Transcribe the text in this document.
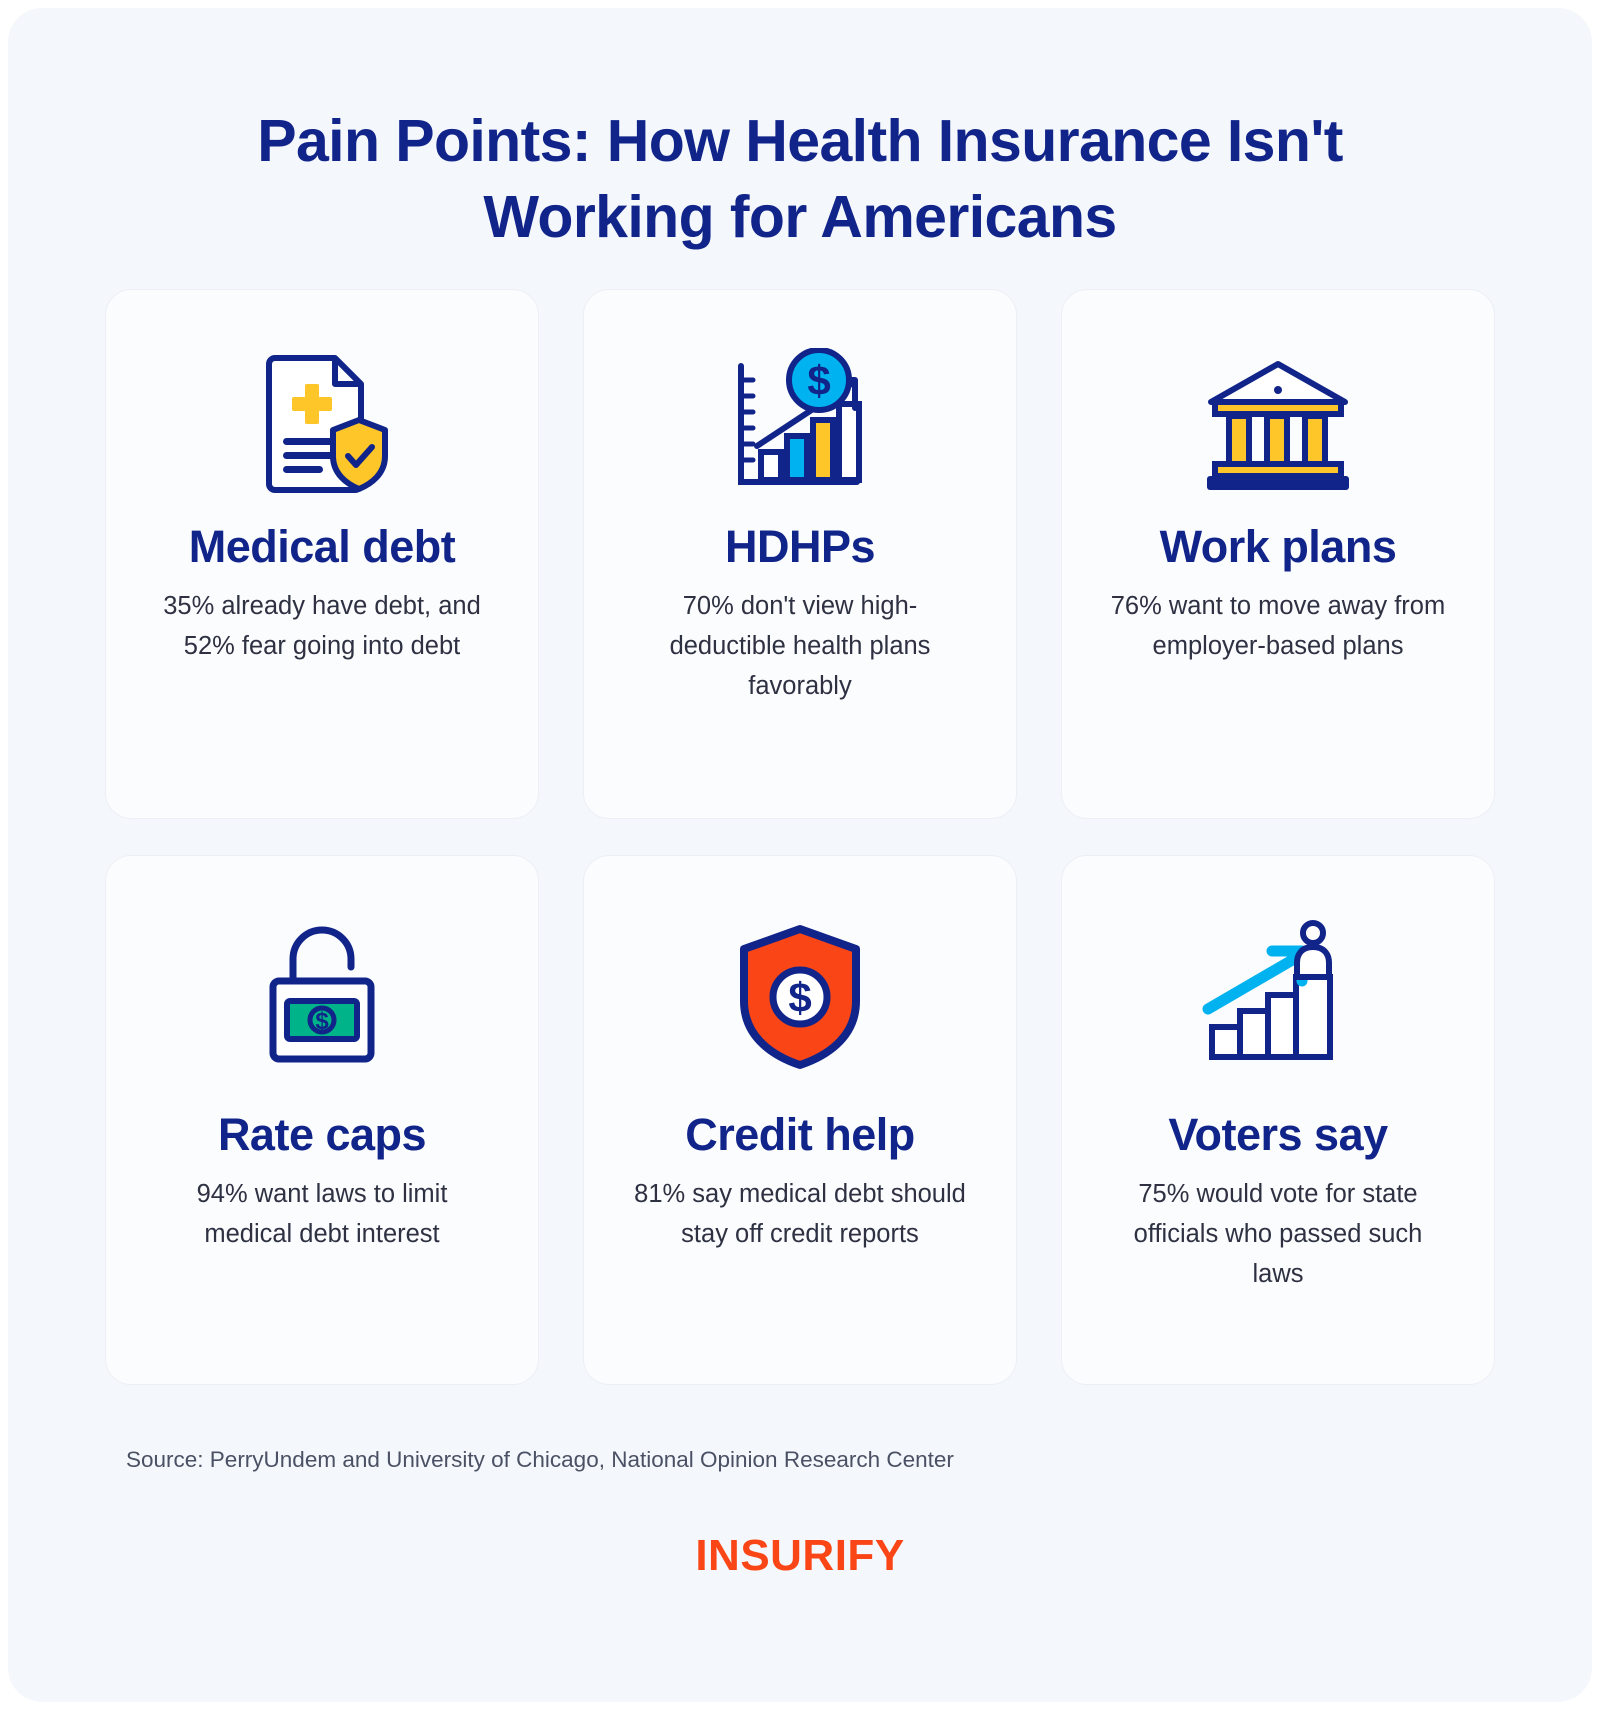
Pain Points: How Health Insurance Isn't Working for Americans
Medical debt

35% already have debt, and 52% fear going into debt

$
HDHPs

70% don't view high-deductible health plans favorably

Work plans

76% want to move away from employer-based plans

$
Rate caps

94% want laws to limit medical debt interest

$
Credit help

81% say medical debt should stay off credit reports

Voters say

75% would vote for state officials who passed such laws

Source: PerryUndem and University of Chicago, National Opinion Research Center

INSURIFY
